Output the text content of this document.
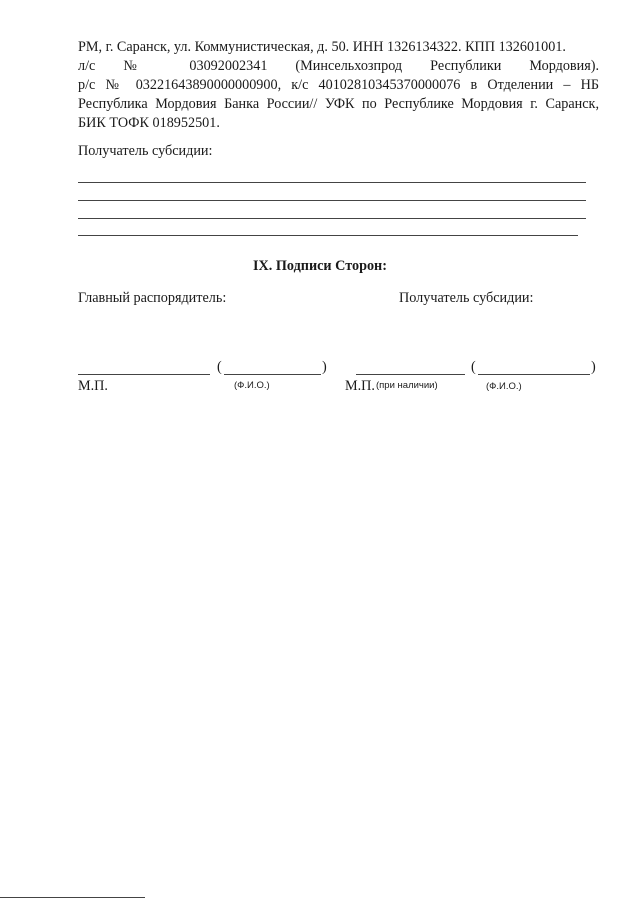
РМ, г. Саранск, ул. Коммунистическая, д. 50. ИНН 1326134322. КПП 132601001.
л/с № 03092002341 (Минсельхозпрод Республики Мордовия).
р/с № 03221643890000000900, к/с 40102810345370000076 в Отделении – НБ
Республика Мордовия Банка России// УФК по Республике Мордовия г. Саранск,
БИК ТОФК 018952501.
Получатель субсидии:
IX. Подписи Сторон:
Главный распорядитель:	Получатель субсидии:
(	)
М.П.	(Ф.И.О.)
(	)
М.П. (при наличии)	(Ф.И.О.)
